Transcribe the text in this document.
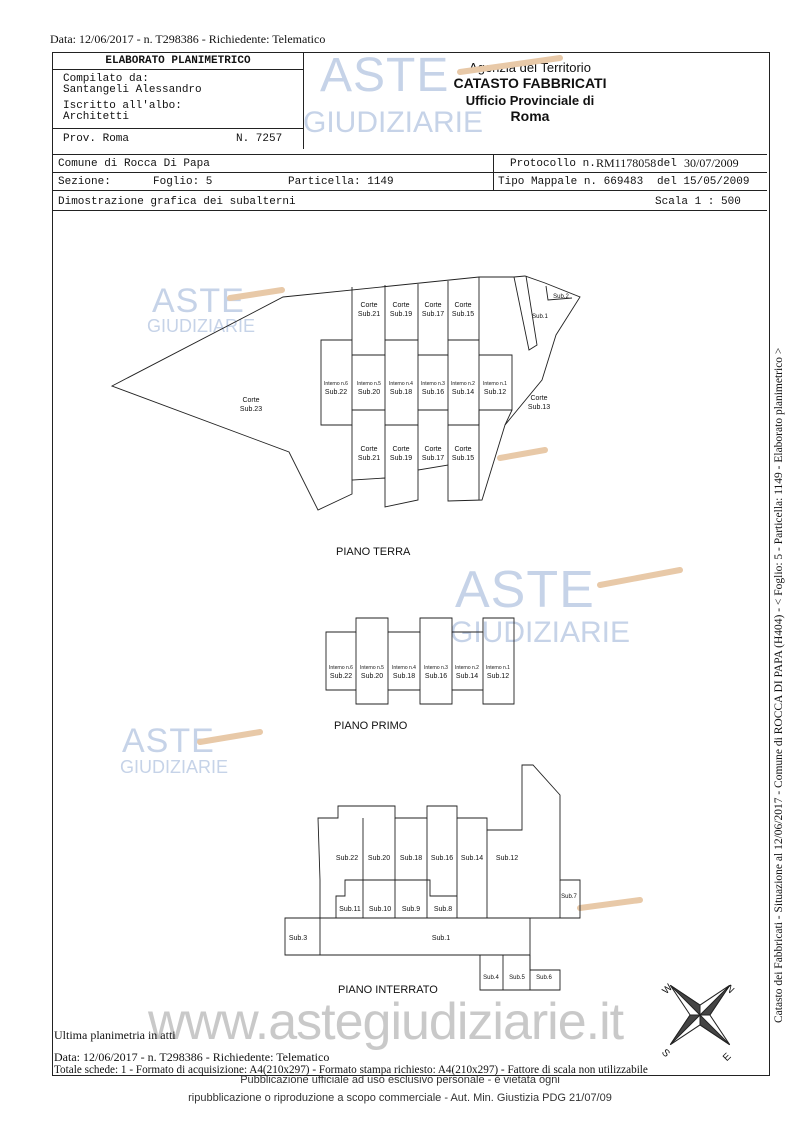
Data: 12/06/2017 - n. T298386 - Richiedente: Telematico
ELABORATO PLANIMETRICO
Compilato da:
Santangeli Alessandro
Iscritto all'albo:
Architetti
Prov. Roma	N. 7257
ASTE
GIUDIZIARIE
Agenzia del Territorio
CATASTO FABBRICATI
Ufficio Provinciale di
Roma
Comune di Rocca Di Papa	Protocollo n. RM1178058 del 30/07/2009
Sezione:	Foglio: 5	Particella: 1149	Tipo Mappale n. 669483 del 15/05/2009
Dimostrazione grafica dei subalterni	Scala 1 : 500
Catasto dei Fabbricati - Situazione al 12/06/2017 - Comune di ROCCA DI PAPA (H404) - < Foglio: 5 - Particella: 1149 - Elaborato planimetrico >
ASTE
GIUDIZIARIE
ASTE
GIUDIZIARIE
ASTE
GIUDIZIARIE
Corte
Sub.21
Corte
Sub.19
Corte
Sub.17
Corte
Sub.15
Corte
Sub.21
Corte
Sub.19
Corte
Sub.17
Corte
Sub.15
Interno n.6
Sub.22
Interno n.5
Sub.20
Interno n.4
Sub.18
Interno n.3
Sub.16
Interno n.2
Sub.14
Interno n.1
Sub.12
Interno n.6
Sub.22
Interno n.5
Sub.20
Interno n.4
Sub.18
Interno n.3
Sub.16
Interno n.2
Sub.14
Interno n.1
Sub.12
Corte
Sub.23
Corte
Sub.13
Sub.1
Sub.2
Sub.22 Sub.20 Sub.18 Sub.16 Sub.14 Sub.12
Sub.11 Sub.10 Sub.9 Sub.8
Sub.7
Sub.3	Sub.1
Sub.4 Sub.5 Sub.6
N
E
W
S
PIANO TERRA
PIANO PRIMO
PIANO INTERRATO
www.astegiudiziarie.it
Ultima planimetria in atti
Data: 12/06/2017 - n. T298386 - Richiedente: Telematico
Totale schede: 1 - Formato di acquisizione: A4(210x297) - Formato stampa richiesto: A4(210x297) - Fattore di scala non utilizzabile
Pubblicazione ufficiale ad uso esclusivo personale - è vietata ogni
ripubblicazione o riproduzione a scopo commerciale - Aut. Min. Giustizia PDG 21/07/09
